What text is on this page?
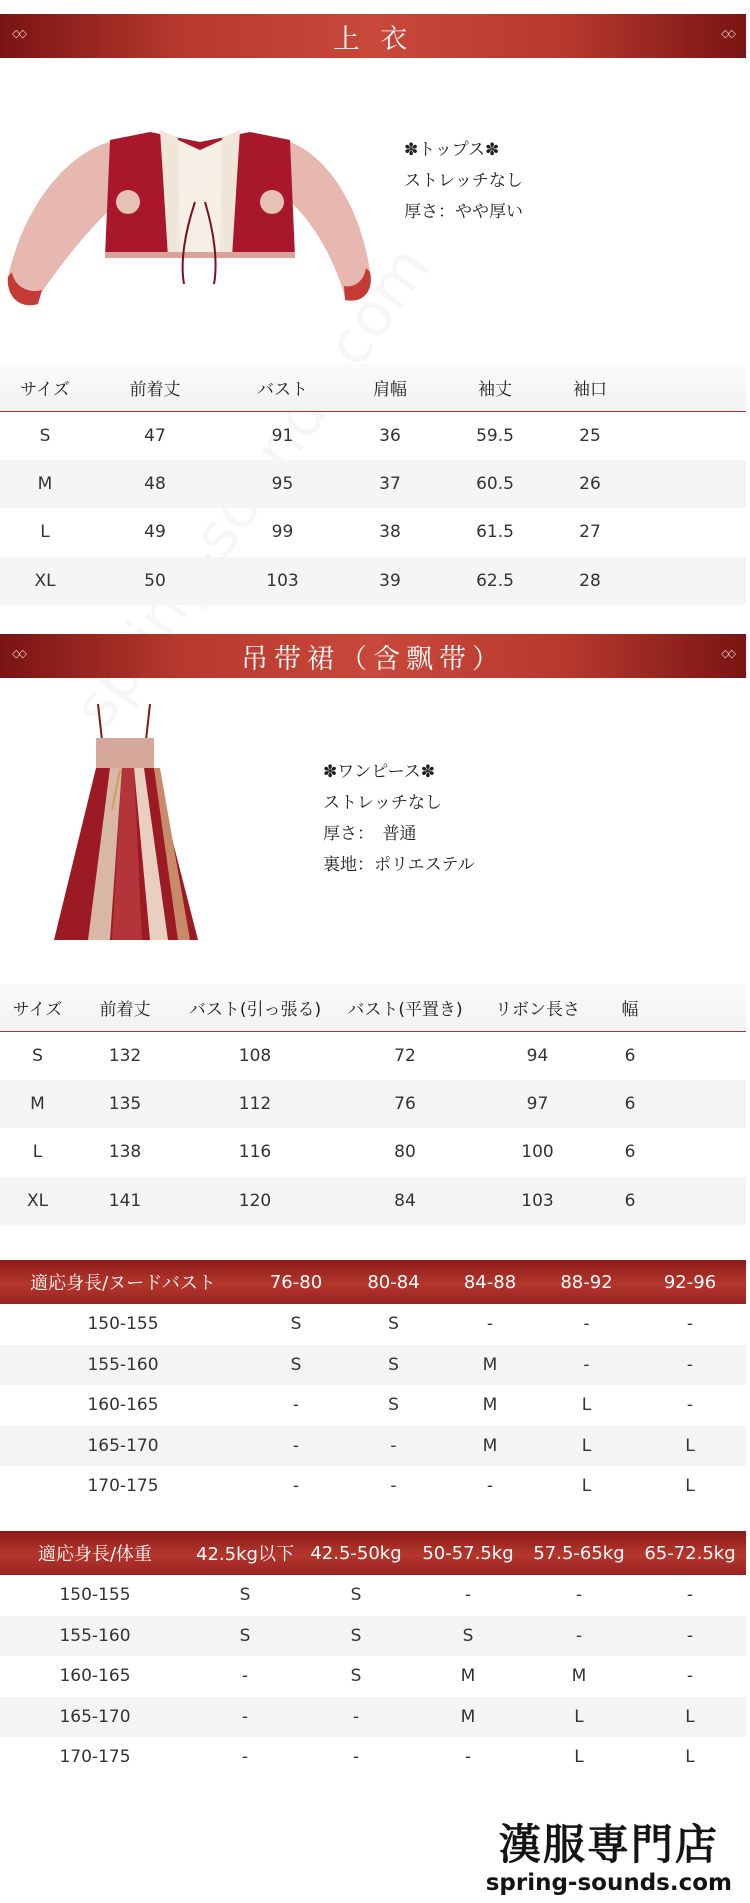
◇◇	上 衣	◇◇
✽トップス✽
ストレッチなし
厚さ：やや厚い
サイズ	前着丈	バスト	肩幅	袖丈	袖口	
S	47	91	36	59.5	25	
M	48	95	37	60.5	26	
L	49	99	38	61.5	27	
XL	50	103	39	62.5	28	
◇◇	吊带裙（含飘带）	◇◇
✽ワンピース✽
ストレッチなし
厚さ：　普通
裏地：ポリエステル
サイズ	前着丈	バスト(引っ張る)	バスト(平置き)	リボン長さ	幅	
S	132	108	72	94	6	
M	135	112	76	97	6	
L	138	116	80	100	6	
XL	141	120	84	103	6	
適応身長/ヌードバスト	76-80	80-84	84-88	88-92	92-96
150-155	S	S	-	-	-
155-160	S	S	M	-	-
160-165	-	S	M	L	-
165-170	-	-	M	L	L
170-175	-	-	-	L	L
適応身長/体重	42.5kg以下	42.5-50kg	50-57.5kg	57.5-65kg	65-72.5kg
150-155	S	S	-	-	-
155-160	S	S	S	-	-
160-165	-	S	M	M	-
165-170	-	-	M	L	L
170-175	-	-	-	L	L
漢服専門店
spring-sounds.com
